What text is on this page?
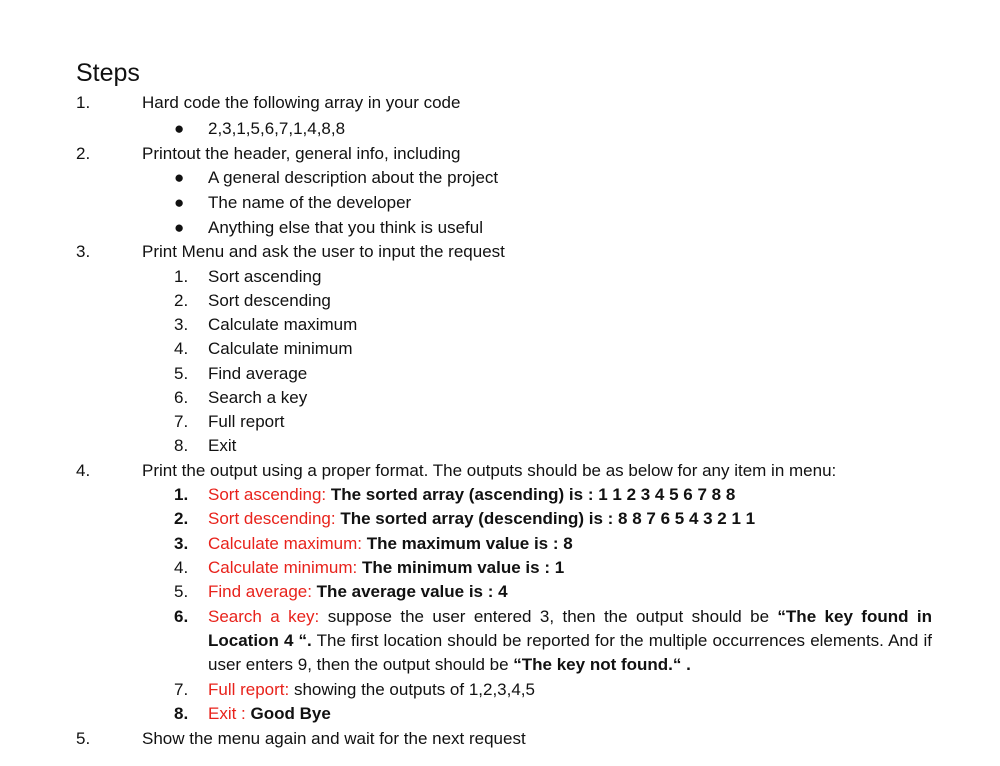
Steps
1.	Hard code the following array in your code
● 2,3,1,5,6,7,1,4,8,8
2.	Printout the header, general info, including
● A general description about the project
● The name of the developer
● Anything else that you think is useful
3.	Print Menu and ask the user to input the request
1. Sort ascending
2. Sort descending
3. Calculate maximum
4. Calculate minimum
5. Find average
6. Search a key
7. Full report
8. Exit
4.	Print the output using a proper format. The outputs should be as below for any item in menu:
1. Sort ascending: The sorted array (ascending) is : 1 1 2 3 4 5 6 7 8 8
2. Sort descending: The sorted array (descending) is : 8 8 7 6 5 4 3 2 1 1
3. Calculate maximum: The maximum value is : 8
4. Calculate minimum: The minimum value is : 1
5. Find average: The average value is : 4
6. Search a key: suppose the user entered 3, then the output should be “The key found in Location 4 “. The first location should be reported for the multiple occurrences elements. And if user enters 9, then the output should be “The key not found.“ .
7. Full report: showing the outputs of 1,2,3,4,5
8. Exit : Good Bye
5.	Show the menu again and wait for the next request
